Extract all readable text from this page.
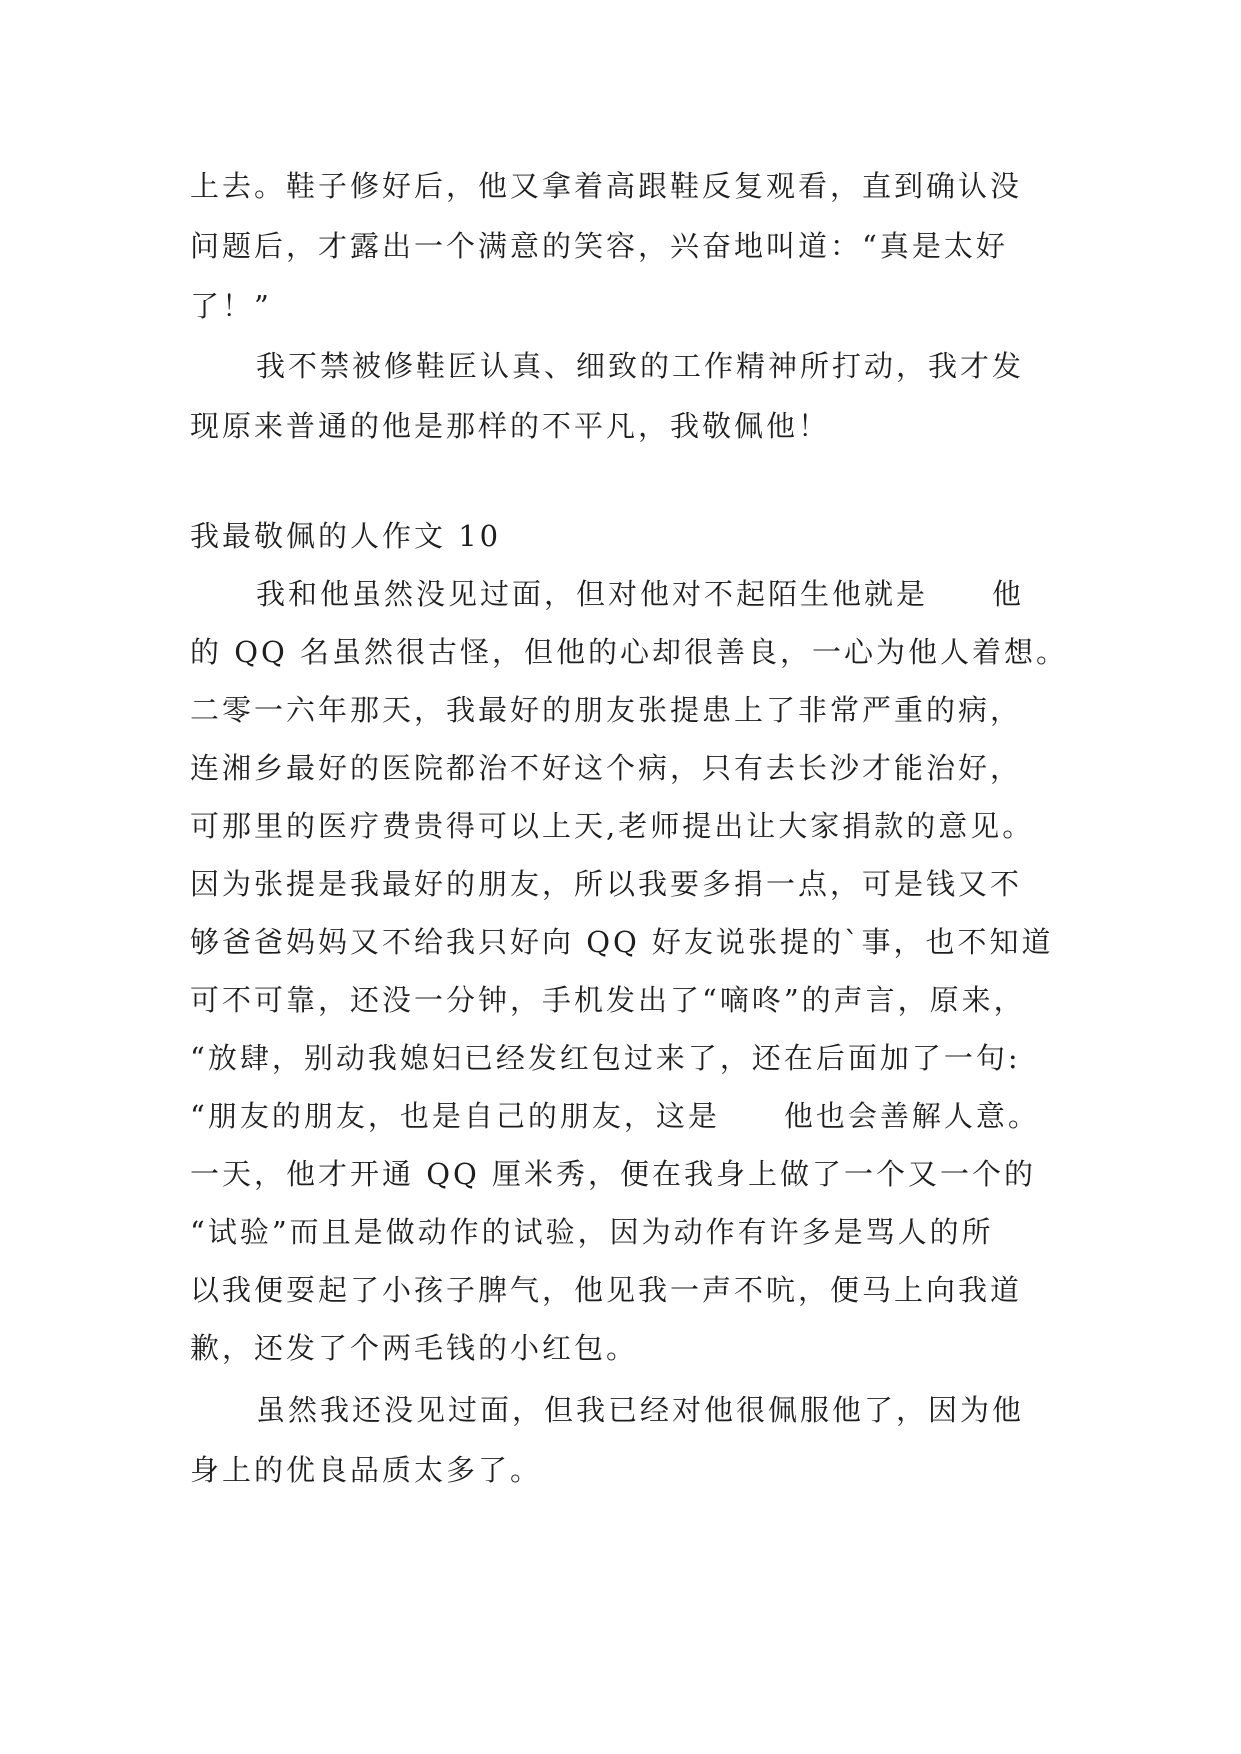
上去。鞋子修好后，他又拿着高跟鞋反复观看，直到确认没
问题后，才露出一个满意的笑容，兴奋地叫道：“真是太好
了！”
我不禁被修鞋匠认真、细致的工作精神所打动，我才发
现原来普通的他是那样的不平凡，我敬佩他！
我最敬佩的人作文 10
我和他虽然没见过面，但对他对不起陌生他就是　　他
的 QQ 名虽然很古怪，但他的心却很善良，一心为他人着想。
二零一六年那天，我最好的朋友张提患上了非常严重的病，
连湘乡最好的医院都治不好这个病，只有去长沙才能治好，
可那里的医疗费贵得可以上天,老师提出让大家捐款的意见。
因为张提是我最好的朋友，所以我要多捐一点，可是钱又不
够爸爸妈妈又不给我只好向 QQ 好友说张提的`事，也不知道
可不可靠，还没一分钟，手机发出了“嘀咚”的声言，原来，
“放肆，别动我媳妇已经发红包过来了，还在后面加了一句:
“朋友的朋友，也是自己的朋友，这是　　他也会善解人意。
一天，他才开通 QQ 厘米秀，便在我身上做了一个又一个的
“试验”而且是做动作的试验，因为动作有许多是骂人的所
以我便耍起了小孩子脾气，他见我一声不吭，便马上向我道
歉，还发了个两毛钱的小红包。
虽然我还没见过面，但我已经对他很佩服他了，因为他
身上的优良品质太多了。
